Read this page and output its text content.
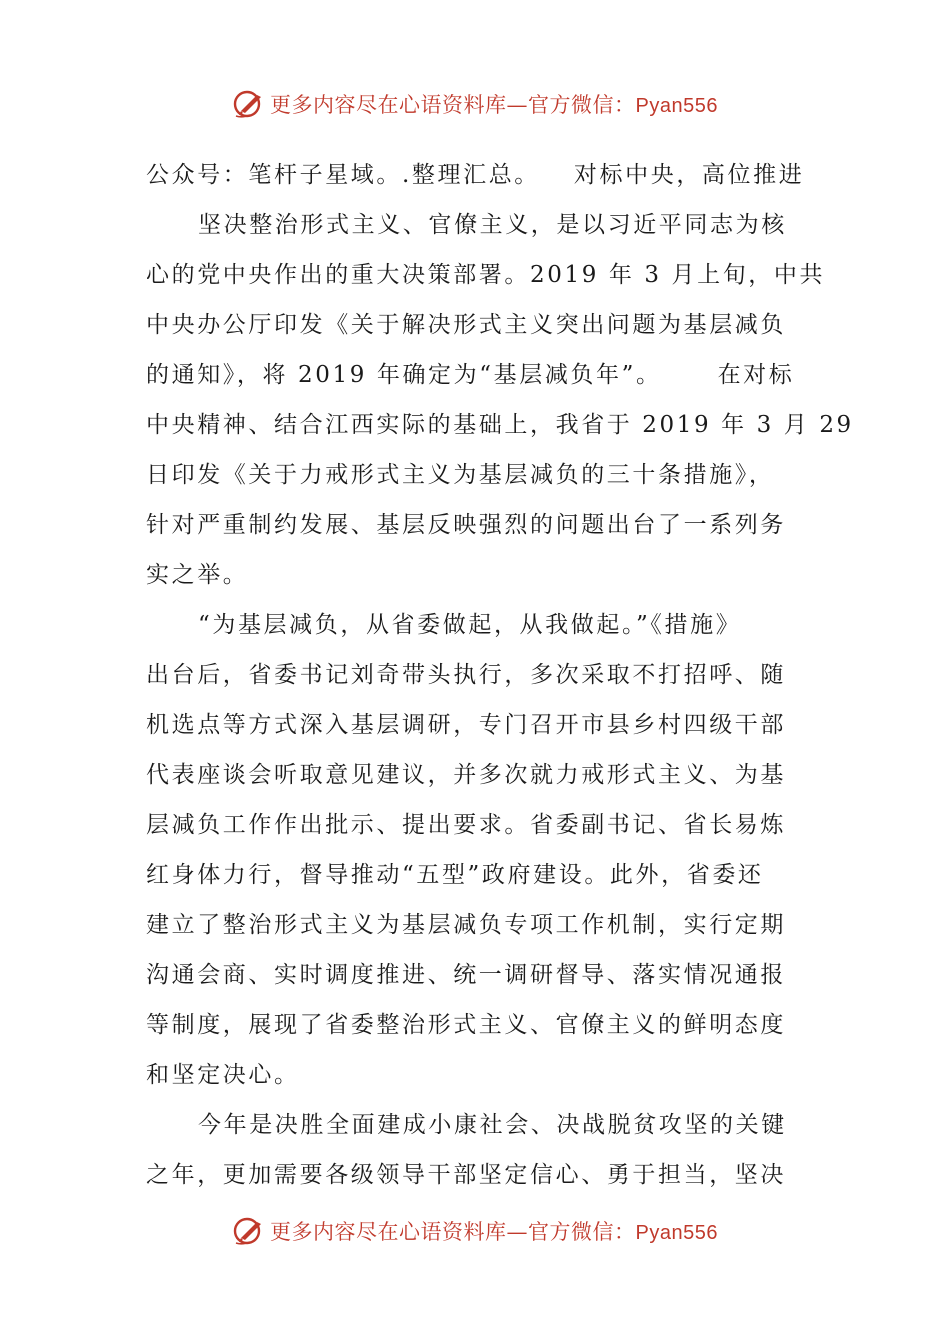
更多内容尽在心语资料库—官方微信：Pyan556
公众号：笔杆子星域。.整理汇总。 对标中央，高位推进
坚决整治形式主义、官僚主义，是以习近平同志为核
心的党中央作出的重大决策部署。2019 年 3 月上旬，中共
中央办公厅印发《关于解决形式主义突出问题为基层减负
的通知》，将 2019 年确定为“基层减负年”。 在对标
中央精神、结合江西实际的基础上，我省于 2019 年 3 月 29
日印发《关于力戒形式主义为基层减负的三十条措施》，
针对严重制约发展、基层反映强烈的问题出台了一系列务
实之举。
“为基层减负，从省委做起，从我做起。”《措施》
出台后，省委书记刘奇带头执行，多次采取不打招呼、随
机选点等方式深入基层调研，专门召开市县乡村四级干部
代表座谈会听取意见建议，并多次就力戒形式主义、为基
层减负工作作出批示、提出要求。省委副书记、省长易炼
红身体力行，督导推动“五型”政府建设。此外，省委还
建立了整治形式主义为基层减负专项工作机制，实行定期
沟通会商、实时调度推进、统一调研督导、落实情况通报
等制度，展现了省委整治形式主义、官僚主义的鲜明态度
和坚定决心。
今年是决胜全面建成小康社会、决战脱贫攻坚的关键
之年，更加需要各级领导干部坚定信心、勇于担当，坚决
更多内容尽在心语资料库—官方微信：Pyan556
